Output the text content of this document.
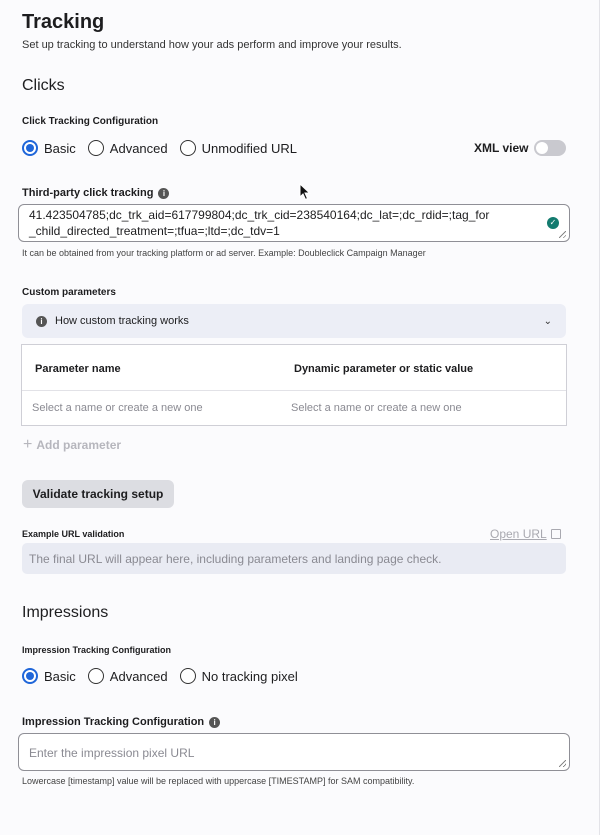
Tracking
Set up tracking to understand how your ads perform and improve your results.
Clicks
Click Tracking Configuration
Basic	Advanced	Unmodified URL	XML view
Third-party click tracking i
41.423504785;dc_trk_aid=617799804;dc_trk_cid=238540164;dc_lat=;dc_rdid=;tag_for
_child_directed_treatment=;tfua=;ltd=;dc_tdv=1
✓
It can be obtained from your tracking platform or ad server. Example: Doubleclick Campaign Manager
Custom parameters
i	How custom tracking works	⌄
Parameter name	Dynamic parameter or static value
Select a name or create a new one	Select a name or create a new one
+ Add parameter
Validate tracking setup
Example URL validation	Open URL
The final URL will appear here, including parameters and landing page check.
Impressions
Impression Tracking Configuration
Basic	Advanced	No tracking pixel
Impression Tracking Configuration i
Enter the impression pixel URL
Lowercase [timestamp] value will be replaced with uppercase [TIMESTAMP] for SAM compatibility.
